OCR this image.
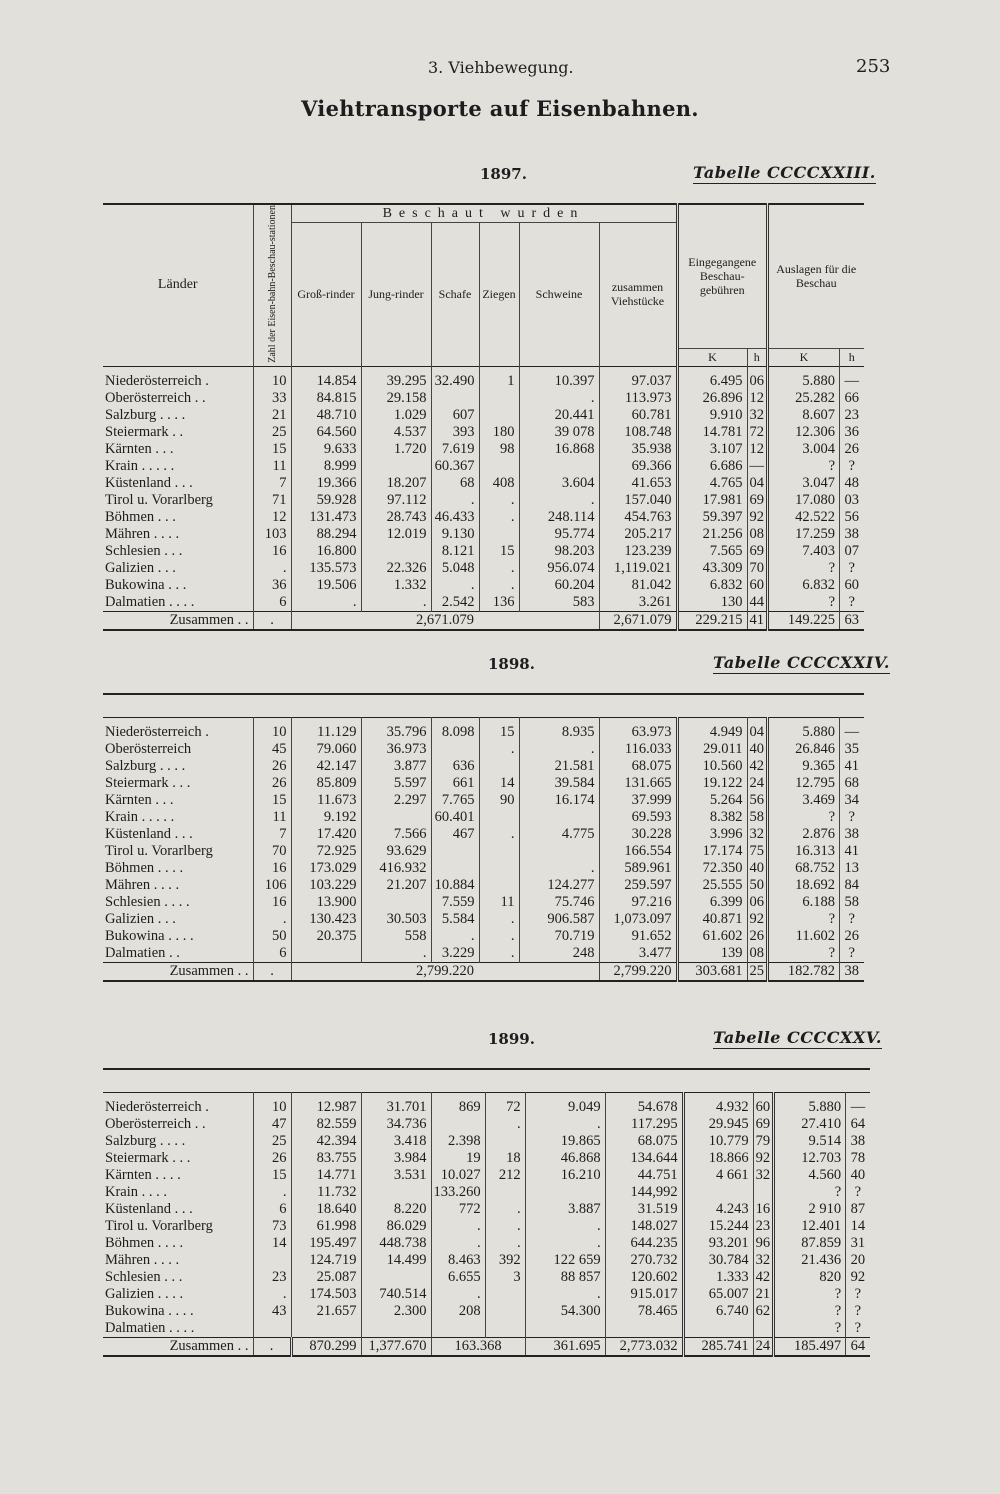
3. Viehbewegung.	253
Viehtransporte auf Eisenbahnen.
1897.	Tabelle CCCCXXIII.
Länder	Zahl der Eisen-bahn-Beschau-stationen	Beschaut wurden						Eingegangene Beschau-gebühren		Auslagen für die Beschau	
		Groß-rinder	Jung-rinder	Schafe	Ziegen	Schweine	zusammen Viehstücke				
								K	h	K	h
Niederösterreich .	10	14.854	39.295	32.490	1	10.397	97.037	6.495	06	5.880	—
Oberösterreich . .	33	84.815	29.158			.	113.973	26.896	12	25.282	66
Salzburg . . . .	21	48.710	1.029	607		20.441	60.781	9.910	32	8.607	23
Steiermark . .	25	64.560	4.537	393	180	39 078	108.748	14.781	72	12.306	36
Kärnten . . .	15	9.633	1.720	7.619	98	16.868	35.938	3.107	12	3.004	26
Krain . . . . .	11	8.999		60.367			69.366	6.686	—	?	?
Küstenland . . .	7	19.366	18.207	68	408	3.604	41.653	4.765	04	3.047	48
Tirol u. Vorarlberg	71	59.928	97.112	.	.	.	157.040	17.981	69	17.080	03
Böhmen . . .	12	131.473	28.743	46.433	.	248.114	454.763	59.397	92	42.522	56
Mähren . . . .	103	88.294	12.019	9.130		95.774	205.217	21.256	08	17.259	38
Schlesien . . .	16	16.800		8.121	15	98.203	123.239	7.565	69	7.403	07
Galizien . . .	.	135.573	22.326	5.048	.	956.074	1,119.021	43.309	70	?	?
Bukowina . . .	36	19.506	1.332	.	.	60.204	81.042	6.832	60	6.832	60
Dalmatien . . . .	6	.	.	2.542	136	583	3.261	130	44	?	?
Zusammen . .	.	2,671.079					2,671.079	229.215	41	149.225	63
1898.	Tabelle CCCCXXIV.

Niederösterreich .	10	11.129	35.796	8.098	15	8.935	63.973	4.949	04	5.880	—
Oberösterreich	45	79.060	36.973		.	.	116.033	29.011	40	26.846	35
Salzburg . . . .	26	42.147	3.877	636		21.581	68.075	10.560	42	9.365	41
Steiermark . . .	26	85.809	5.597	661	14	39.584	131.665	19.122	24	12.795	68
Kärnten . . .	15	11.673	2.297	7.765	90	16.174	37.999	5.264	56	3.469	34
Krain . . . . .	11	9.192		60.401			69.593	8.382	58	?	?
Küstenland . . .	7	17.420	7.566	467	.	4.775	30.228	3.996	32	2.876	38
Tirol u. Vorarlberg	70	72.925	93.629				166.554	17.174	75	16.313	41
Böhmen . . . .	16	173.029	416.932			.	589.961	72.350	40	68.752	13
Mähren . . . .	106	103.229	21.207	10.884		124.277	259.597	25.555	50	18.692	84
Schlesien . . . .	16	13.900		7.559	11	75.746	97.216	6.399	06	6.188	58
Galizien . . .	.	130.423	30.503	5.584	.	906.587	1,073.097	40.871	92	?	?
Bukowina . . . .	50	20.375	558	.	.	70.719	91.652	61.602	26	11.602	26
Dalmatien . .	6		.	3.229	.	248	3.477	139	08	?	?
Zusammen . .	.	2,799.220					2,799.220	303.681	25	182.782	38
1899.	Tabelle CCCCXXV.

Niederösterreich .	10	12.987	31.701	869	72	9.049	54.678	4.932	60	5.880	—
Oberösterreich . .	47	82.559	34.736		.	.	117.295	29.945	69	27.410	64
Salzburg . . . .	25	42.394	3.418	2.398		19.865	68.075	10.779	79	9.514	38
Steiermark . . .	26	83.755	3.984	19	18	46.868	134.644	18.866	92	12.703	78
Kärnten . . . .	15	14.771	3.531	10.027	212	16.210	44.751	4 661	32	4.560	40
Krain . . . .	.	11.732		133.260			144,992			?	?
Küstenland . . .	6	18.640	8.220	772	.	3.887	31.519	4.243	16	2 910	87
Tirol u. Vorarlberg	73	61.998	86.029	.	.	.	148.027	15.244	23	12.401	14
Böhmen . . . .	14	195.497	448.738	.	.	.	644.235	93.201	96	87.859	31
Mähren . . . .		124.719	14.499	8.463	392	122 659	270.732	30.784	32	21.436	20
Schlesien . . .	23	25.087		6.655	3	88 857	120.602	1.333	42	820	92
Galizien . . . .	.	174.503	740.514	.		.	915.017	65.007	21	?	?
Bukowina . . . .	43	21.657	2.300	208		54.300	78.465	6.740	62	?	?
Dalmatien . . . .										?	?
Zusammen . .	.	870.299	1,377.670	163.368		361.695	2,773.032	285.741	24	185.497	64
